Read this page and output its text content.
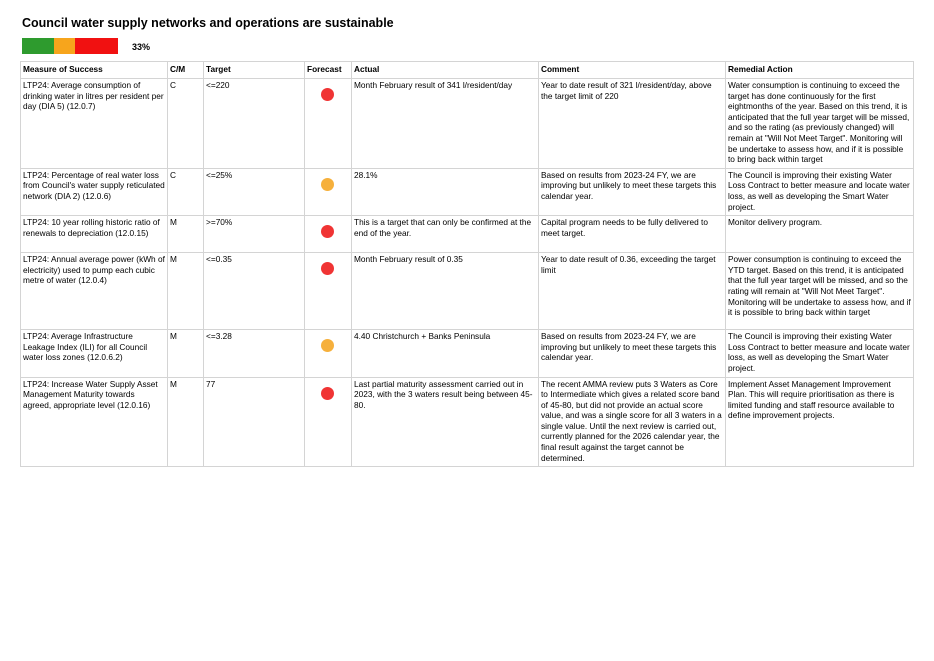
Council water supply networks and operations are sustainable
33%
Measure of Success	C/M	Target	Forecast	Actual	Comment	Remedial Action
LTP24: Average consumption of drinking water in litres per resident per day (DIA 5) (12.0.7)	C	<=220		Month February result of 341 l/resident/day	Year to date result of 321 l/resident/day, above the target limit of 220	Water consumption is continuing to exceed the target has done continuously for the first eightmonths of the year. Based on this trend, it is anticipated that the full year target will be missed, and so the rating (as previously changed) will remain at "Will Not Meet Target". Monitoring will be undertake to assess how, and if it is possible to bring back within target
LTP24: Percentage of real water loss from Council's water supply reticulated network (DIA 2) (12.0.6)	C	<=25%		28.1%	Based on results from 2023-24 FY, we are improving but unlikely to meet these targets this calendar year.	The Council is improving their existing Water Loss Contract to better measure and locate water loss, as well as developing the Smart Water project.
LTP24: 10 year rolling historic ratio of renewals to depreciation (12.0.15)	M	>=70%		This is a target that can only be confirmed at the end of the year.	Capital program needs to be fully delivered to meet target.	Monitor delivery program.
LTP24: Annual average power (kWh of electricity) used to pump each cubic metre of water (12.0.4)	M	<=0.35		Month February result of 0.35	Year to date result of 0.36, exceeding the target limit	Power consumption is continuing to exceed the YTD target. Based on this trend, it is anticipated that the full year target will be missed, and so the rating will remain at "Will Not Meet Target". Monitoring will be undertake to assess how, and if it is possible to bring back within target
LTP24: Average Infrastructure Leakage Index (ILI) for all Council water loss zones (12.0.6.2)	M	<=3.28		4.40 Christchurch + Banks Peninsula	Based on results from 2023-24 FY, we are improving but unlikely to meet these targets this calendar year.	The Council is improving their existing Water Loss Contract to better measure and locate water loss, as well as developing the Smart Water project.
LTP24: Increase Water Supply Asset Management Maturity towards agreed, appropriate level (12.0.16)	M	77		Last partial maturity assessment carried out in 2023, with the 3 waters result being between 45-80.	The recent AMMA review puts 3 Waters as Core to Intermediate which gives a related score band of 45-80, but did not provide an actual score value, and was a single score for all 3 waters in a single value. Until the next review is carried out, currently planned for the 2026 calendar year, the final result against the target cannot be determined.	Implement Asset Management Improvement Plan. This will require prioritisation as there is limited funding and staff resource available to define improvement projects.
